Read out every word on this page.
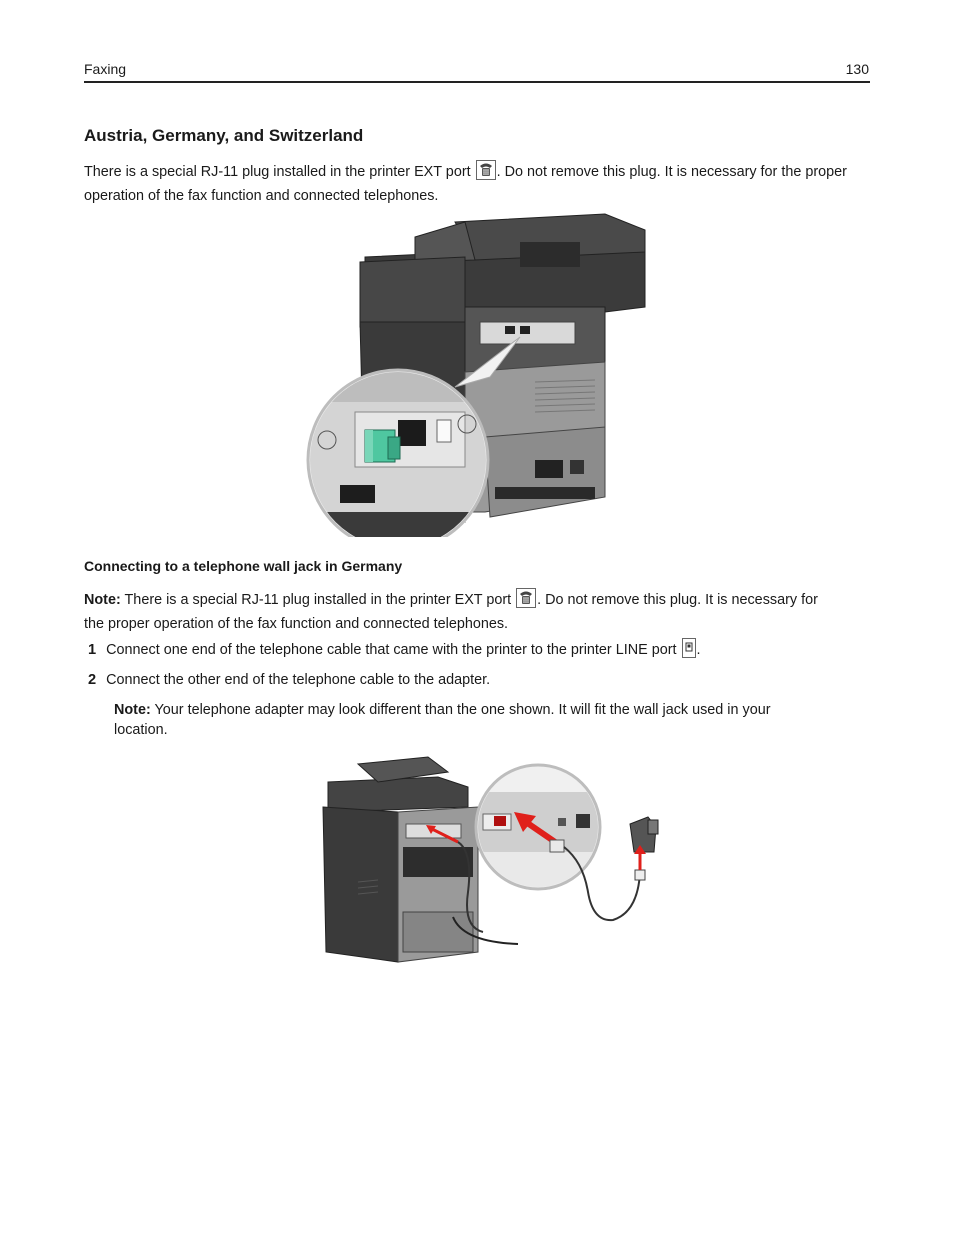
Faxing	130
Austria, Germany, and Switzerland
There is a special RJ-11 plug installed in the printer EXT port . Do not remove this plug. It is necessary for the proper
operation of the fax function and connected telephones.
Connecting to a telephone wall jack in Germany
Note: There is a special RJ-11 plug installed in the printer EXT port . Do not remove this plug. It is necessary for
the proper operation of the fax function and connected telephones.
1 Connect one end of the telephone cable that came with the printer to the printer LINE port .
2 Connect the other end of the telephone cable to the adapter.
Note: Your telephone adapter may look different than the one shown. It will fit the wall jack used in your
location.
